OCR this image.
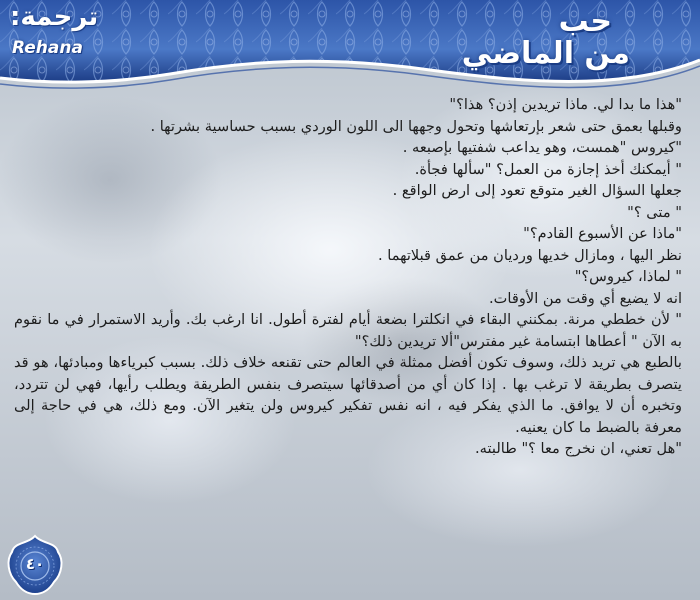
ترجمة:
Rehana
حب
من الماضي

"هذا ما بدا لي. ماذا تريدين إذن؟ هذا؟"

وقبلها بعمق حتى شعر بإرتعاشها وتحول وجهها الى اللون الوردي بسبب حساسية بشرتها .

"كيروس "همست، وهو يداعب شفتيها بإصبعه .

" أيمكنك أخذ إجازة من العمل؟ "سألها فجأة.

جعلها السؤال الغير متوقع تعود إلى ارض الواقع .

" متى ؟"

"ماذا عن الأسبوع القادم؟"

نظر اليها ، ومازال خديها ورديان من عمق قبلاتهما .

" لماذا، كيروس؟"

انه لا يضيع أي وقت من الأوقات.

" لأن خططي مرنة. بمكنني البقاء في انكلترا بضعة أيام لفترة أطول. انا ارغب بك. وأريد الاستمرار في ما نقوم به الآن " أعطاها ابتسامة غير مفترس"ألا تريدين ذلك؟"

بالطبع هي تريد ذلك، وسوف تكون أفضل ممثلة في العالم حتى تقنعه خلاف ذلك. بسبب كبرياءها ومبادئها، هو قد يتصرف بطريقة لا ترغب بها . إذا كان أي من أصدقائها سيتصرف بنفس الطريقة ويطلب رأيها، فهي لن تتردد، وتخبره أن لا يوافق. ما الذي يفكر فيه ، انه نفس تفكير كيروس ولن يتغير الآن. ومع ذلك، هي في حاجة إلى معرفة بالضبط ما كان يعنيه.

"هل تعني، ان نخرج معا ؟" طالبته.

٤٠
